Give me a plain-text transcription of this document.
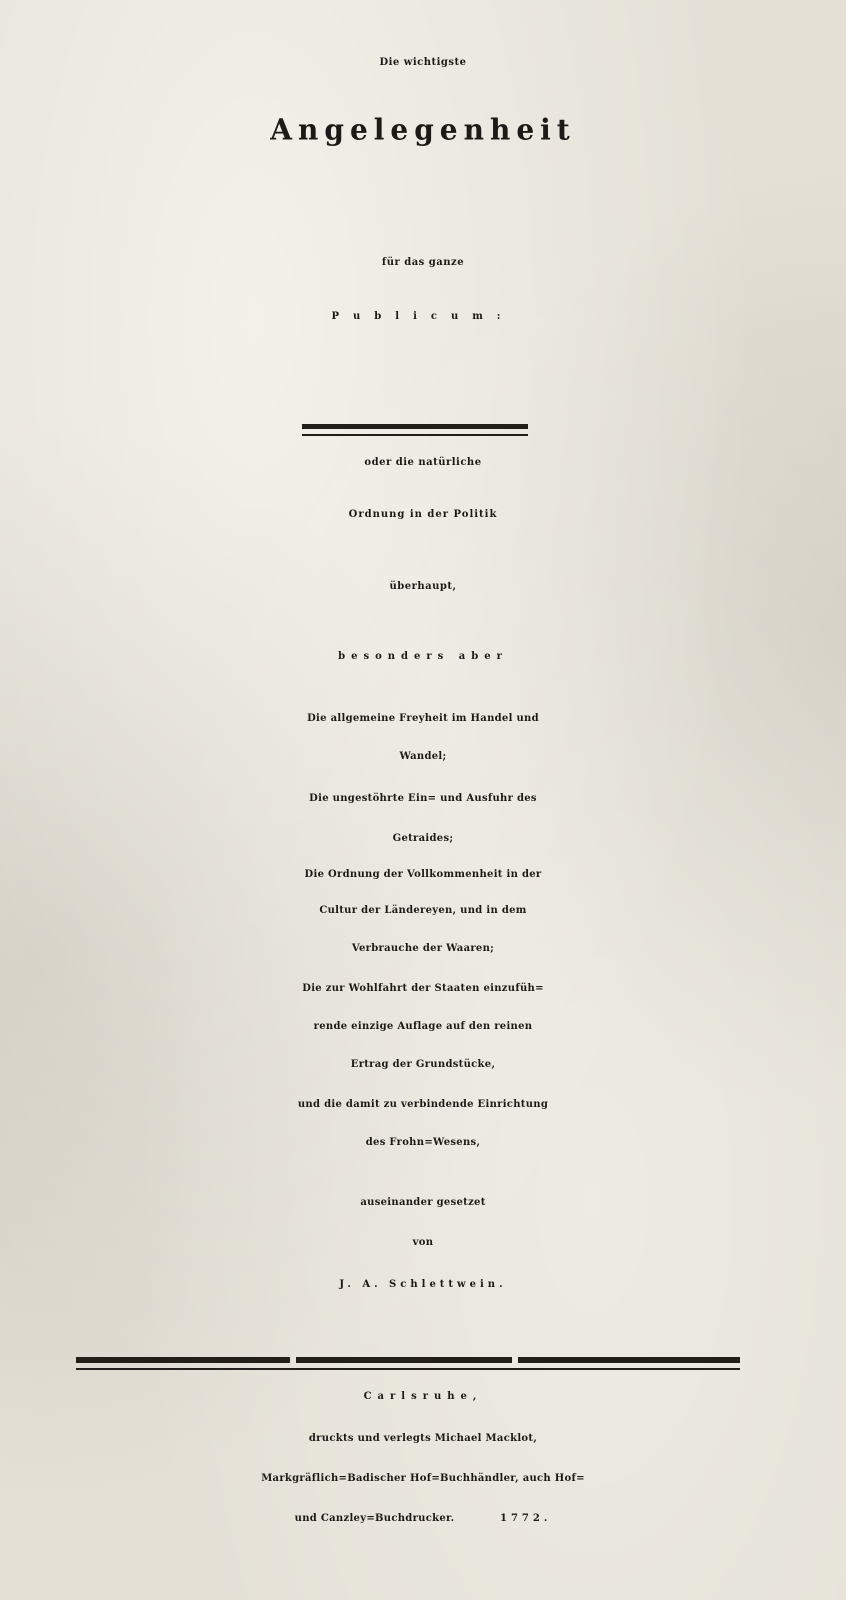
Die wichtigste
Angelegenheit
für das ganze
Publicum:
oder die natürliche
Ordnung in der Politik
überhaupt,
besonders aber
Die allgemeine Freyheit im Handel und
Wandel;
Die ungestöhrte Ein= und Ausfuhr des
Getraides;
Die Ordnung der Vollkommenheit in der
Cultur der Ländereyen, und in dem
Verbrauche der Waaren;
Die zur Wohlfahrt der Staaten einzufüh=
rende einzige Auflage auf den reinen
Ertrag der Grundstücke,
und die damit zu verbindende Einrichtung
des Frohn=Wesens,
auseinander gesetzet
von
J. A. Schlettwein.
Carlsruhe,
druckts und verlegts Michael Macklot,
Markgräflich=Badischer Hof=Buchhändler, auch Hof=
und Canzley=Buchdrucker.	1772.
